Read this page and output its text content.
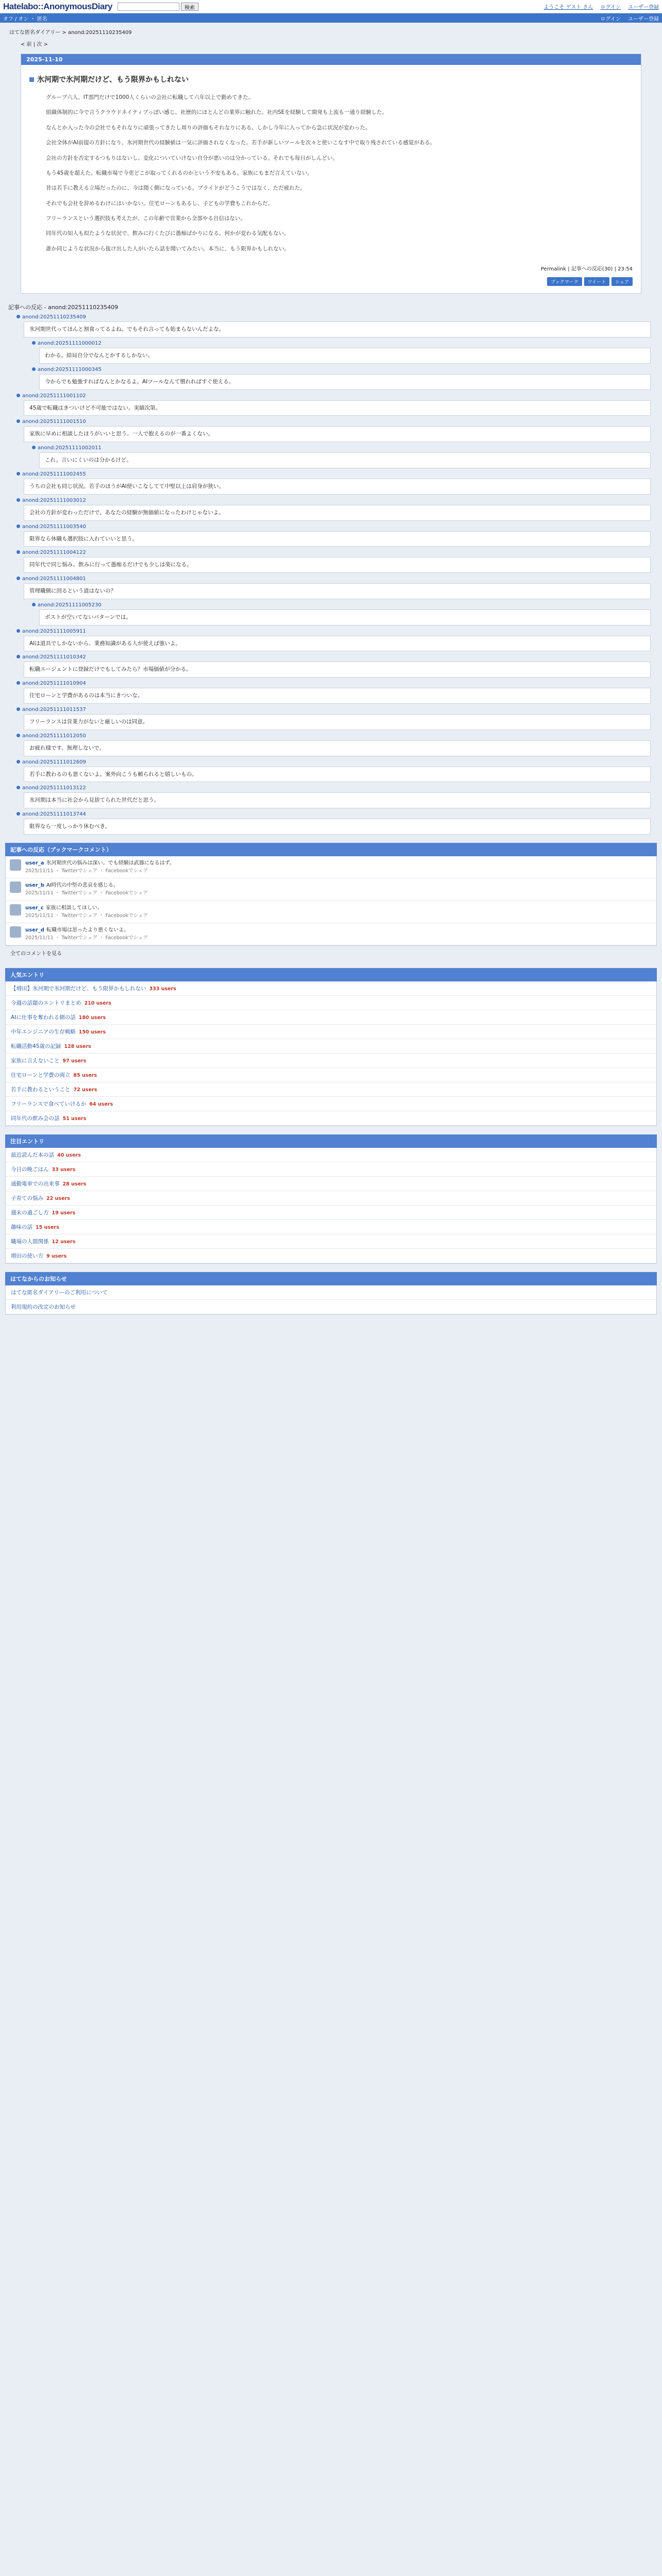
Hatelabo::AnonymousDiary	検索	ようこそ ゲスト さん ログイン ユーザー登録
オフ / オン ・ 匿名	ログイン ユーザー登録
はてな匿名ダイアリー > anond:20251110235409
< 前 | 次 >
2025-11-10
氷河期で氷河期だけど、もう限界かもしれない

グループ六人、IT部門だけで1000人くらいの会社に転職して六年以上で勤めてきた。

組織体制的に今で言うクラウドネイティブっぽい感じ。社歴的にほとんどの業界に触れた。社内SEを経験して開発も上流も一通り経験した。

なんとか入った今の会社でもそれなりに頑張ってきたし周りの評価もそれなりにある。しかし今年に入ってから急に状況が変わった。

会社全体がAI前提の方針になり、氷河期世代の経験値は一気に評価されなくなった。若手が新しいツールを次々と使いこなす中で取り残されている感覚がある。

会社の方針を否定するつもりはないし、変化についていけない自分が悪いのは分かっている。それでも毎日がしんどい。

もう45歳を超えた。転職市場で今更どこが取ってくれるのかという不安もある。家族にもまだ言えていない。

昔は若手に教える立場だったのに、今は聞く側になっている。プライドがどうこうではなく、ただ疲れた。

それでも会社を辞めるわけにはいかない。住宅ローンもあるし、子どもの学費もこれからだ。

フリーランスという選択肢も考えたが、この年齢で営業から全部やる自信はない。

同年代の知人も似たような状況で、飲みに行くたびに愚痴ばかりになる。何かが変わる気配もない。

誰か同じような状況から抜け出した人がいたら話を聞いてみたい。本当に、もう限界かもしれない。

Permalink | 記事への反応(30) | 23:54
ブックマーク	ツイート	シェア
記事への反応 - anond:20251110235409
anond:20251110235409
氷河期世代ってほんと割食ってるよね。でもそれ言っても始まらないんだよな。
anond:20251111000012
わかる。結局自分でなんとかするしかない。
anond:20251111000345
今からでも勉強すればなんとかなるよ。AIツールなんて慣れればすぐ使える。
anond:20251111001102
45歳で転職はきついけど不可能ではない。実績次第。
anond:20251111001510
家族に早めに相談したほうがいいと思う。一人で抱えるのが一番よくない。
anond:20251111002011
これ。言いにくいのは分かるけど。
anond:20251111002455
うちの会社も同じ状況。若手のほうがAI使いこなしてて中堅以上は肩身が狭い。
anond:20251111003012
会社の方針が変わっただけで、あなたの経験が無価値になったわけじゃないよ。
anond:20251111003540
限界なら休職も選択肢に入れていいと思う。
anond:20251111004122
同年代で同じ悩み。飲みに行って愚痴るだけでも少しは楽になる。
anond:20251111004801
管理職側に回るという道はないの？
anond:20251111005230
ポストが空いてないパターンでは。
anond:20251111005911
AIは道具でしかないから、業務知識がある人が使えば強いよ。
anond:20251111010342
転職エージェントに登録だけでもしてみたら？市場価値が分かる。
anond:20251111010904
住宅ローンと学費があるのは本当にきついな。
anond:20251111011537
フリーランスは営業力がないと厳しいのは同意。
anond:20251111012050
お疲れ様です。無理しないで。
anond:20251111012609
若手に教わるのも悪くないよ。案外向こうも頼られると嬉しいもの。
anond:20251111013122
氷河期は本当に社会から見捨てられた世代だと思う。
anond:20251111013744
限界なら一度しっかり休むべき。
記事への反応（ブックマークコメント）
user_a 氷河期世代の悩みは深い。でも経験は武器になるはず。
2025/11/11 ・ Twitterでシェア ・ Facebookでシェア
user_b AI時代の中堅の悲哀を感じる。
2025/11/11 ・ Twitterでシェア ・ Facebookでシェア
user_c 家族に相談してほしい。
2025/11/11 ・ Twitterでシェア ・ Facebookでシェア
user_d 転職市場は思ったより悪くないよ。
2025/11/11 ・ Twitterでシェア ・ Facebookでシェア
全てのコメントを見る
人気エントリ
【増田】氷河期で氷河期だけど、もう限界かもしれない 333 users
今週の話題のエントリまとめ 210 users
AIに仕事を奪われる側の話 180 users
中年エンジニアの生存戦略 150 users
転職活動45歳の記録 128 users
家族に言えないこと 97 users
住宅ローンと学費の両立 85 users
若手に教わるということ 72 users
フリーランスで食べていけるか 64 users
同年代の飲み会の話 51 users
注目エントリ
最近読んだ本の話 40 users
今日の晩ごはん 33 users
通勤電車での出来事 28 users
子育ての悩み 22 users
週末の過ごし方 19 users
趣味の話 15 users
職場の人間関係 12 users
増田の使い方 9 users
はてなからのお知らせ
はてな匿名ダイアリーのご利用について
利用規約の改定のお知らせ
